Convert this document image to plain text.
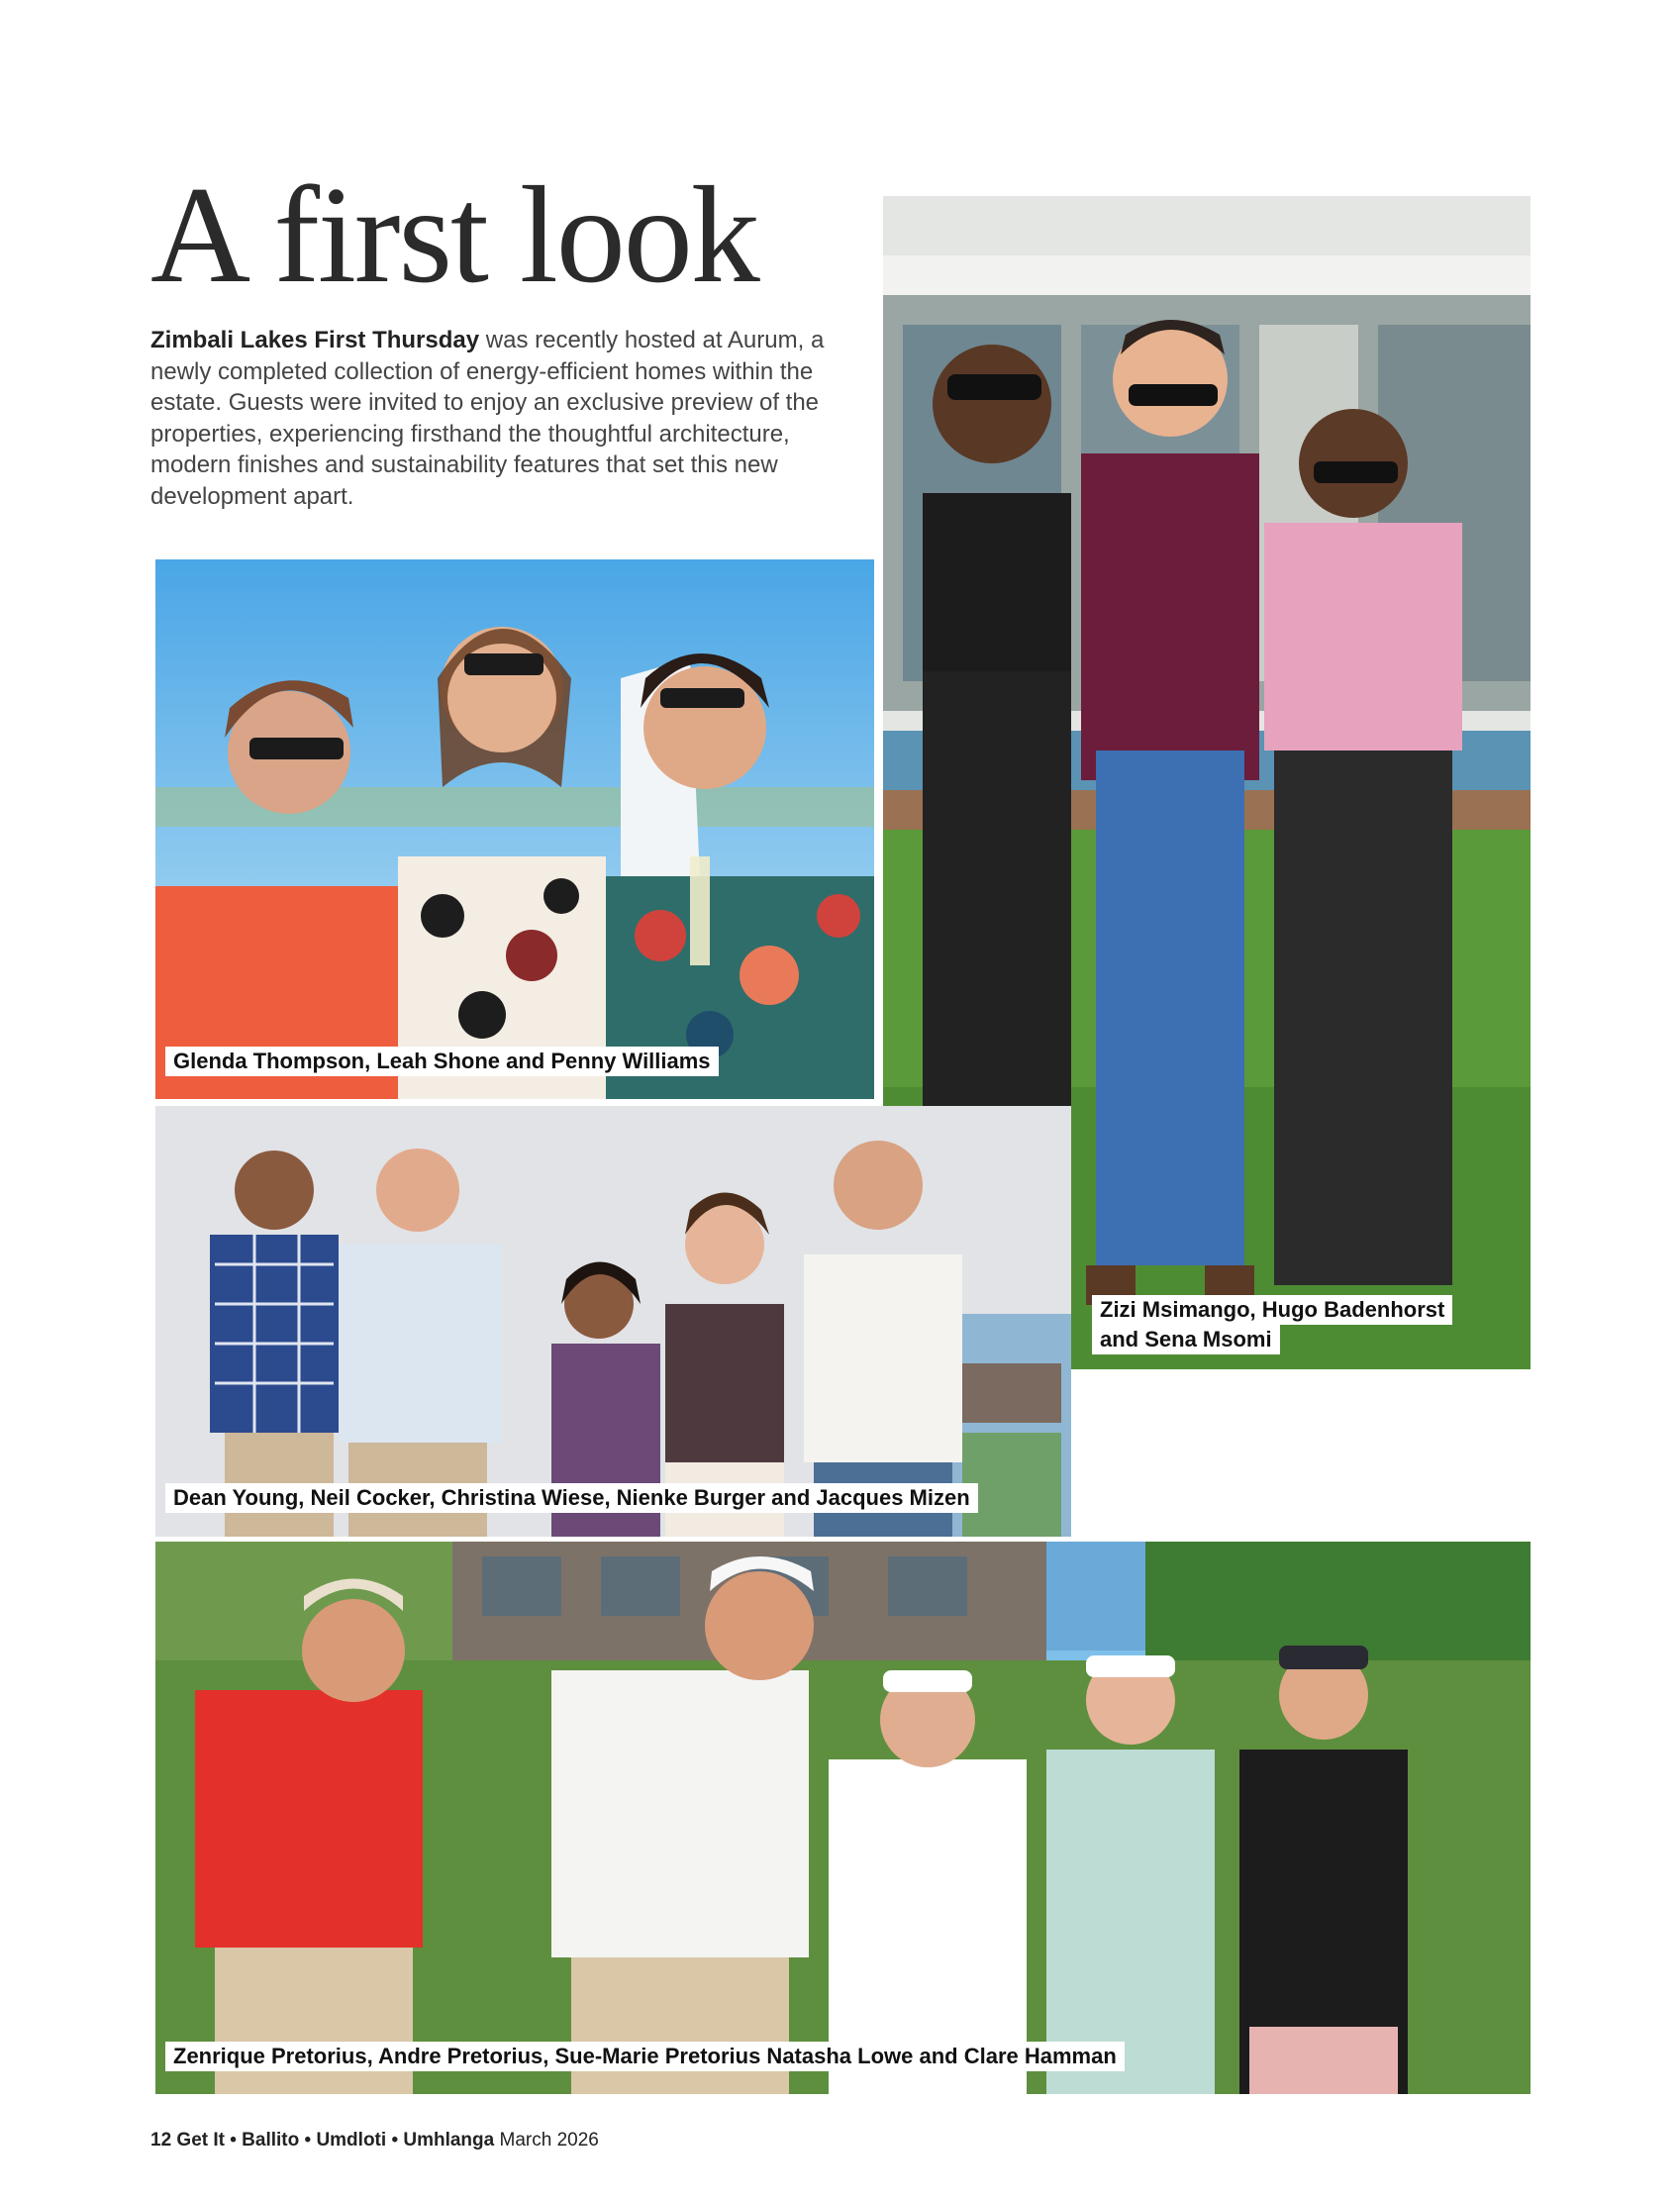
A first look

Zimbali Lakes First Thursday was recently hosted at Aurum, a newly completed collection of energy-efficient homes within the estate. Guests were invited to enjoy an exclusive preview of the properties, experiencing firsthand the thoughtful architecture, modern finishes and sustainability features that set this new development apart.

Glenda Thompson, Leah Shone and Penny Williams
Zizi Msimango, Hugo Badenhorst
and Sena Msomi
Dean Young, Neil Cocker, Christina Wiese, Nienke Burger and Jacques Mizen
Zenrique Pretorius, Andre Pretorius, Sue-Marie Pretorius Natasha Lowe and Clare Hamman

12 Get It • Ballito • Umdloti • Umhlanga March 2026
